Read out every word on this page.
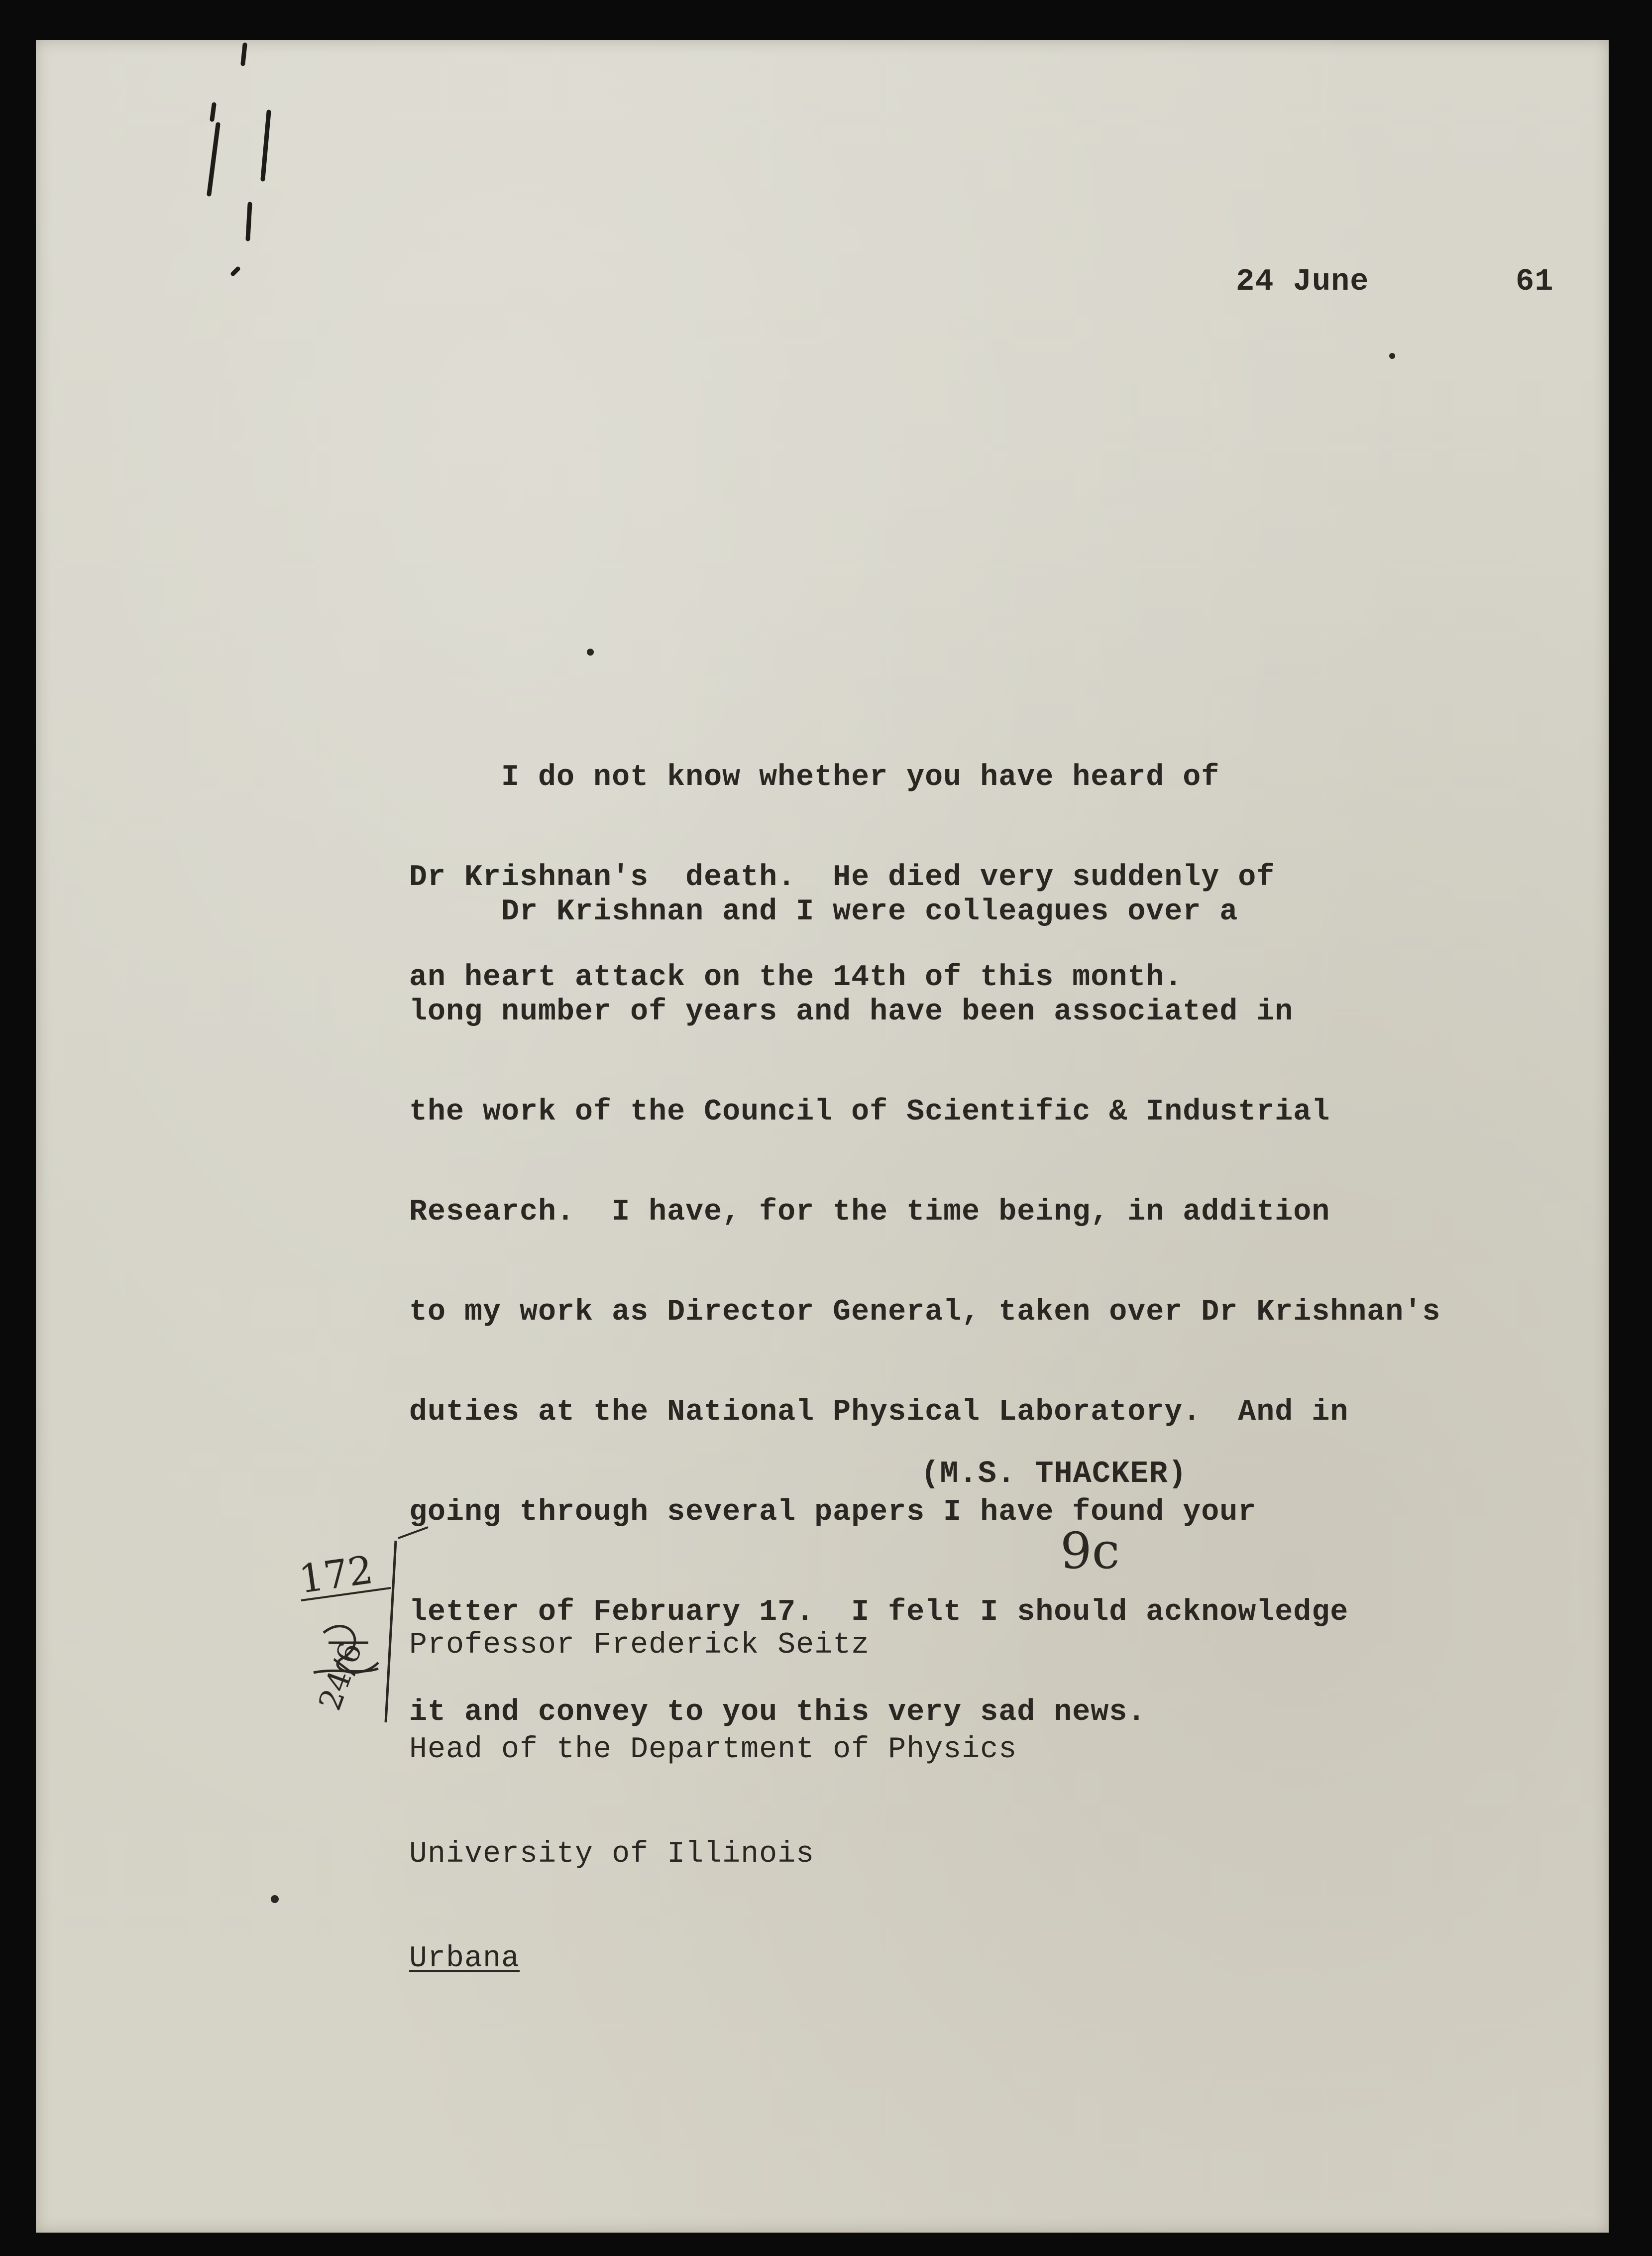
24 June	61

I do not know whether you have heard of

Dr Krishnan's  death.  He died very suddenly of

an heart attack on the 14th of this month.

Dr Krishnan and I were colleagues over a

long number of years and have been associated in

the work of the Council of Scientific & Industrial

Research.  I have, for the time being, in addition

to my work as Director General, taken over Dr Krishnan's

duties at the National Physical Laboratory.  And in

going through several papers I have found your

letter of February 17.  I felt I should acknowledge

it and convey to you this very sad news.

(M.S. THACKER)

Professor Frederick Seitz

Head of the Department of Physics

University of Illinois

Urbana

172
24/6
9c
